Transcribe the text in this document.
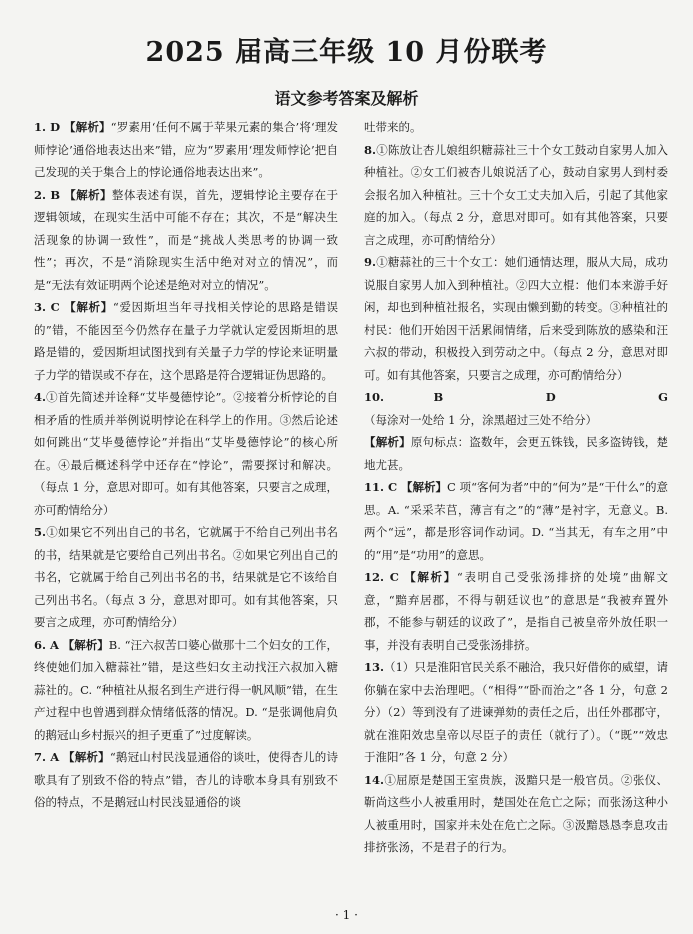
2025 届高三年级 10 月份联考
语文参考答案及解析

1. D 【解析】“罗素用‘任何不属于苹果元素的集合’将‘理发师悖论’通俗地表达出来”错，应为“罗素用‘理发师悖论’把自己发现的关于集合上的悖论通俗地表达出来”。

2. B 【解析】整体表述有误，首先，逻辑悖论主要存在于逻辑领域，在现实生活中可能不存在；其次，不是“解决生活现象的协调一致性”，而是“挑战人类思考的协调一致性”；再次，不是“消除现实生活中绝对对立的情况”，而是“无法有效证明两个论述是绝对对立的情况”。

3. C 【解析】“爱因斯坦当年寻找相关悖论的思路是错误的”错，不能因至今仍然存在量子力学就认定爱因斯坦的思路是错的，爱因斯坦试图找到有关量子力学的悖论来证明量子力学的错误或不存在，这个思路是符合逻辑证伪思路的。

4.①首先简述并诠释“艾毕曼德悖论”。②接着分析悖论的自相矛盾的性质并举例说明悖论在科学上的作用。③然后论述如何跳出“艾毕曼德悖论”并指出“艾毕曼德悖论”的核心所在。④最后概述科学中还存在“悖论”，需要探讨和解决。（每点 1 分，意思对即可。如有其他答案，只要言之成理，亦可酌情给分）

5.①如果它不列出自己的书名，它就属于不给自己列出书名的书，结果就是它要给自己列出书名。②如果它列出自己的书名，它就属于给自己列出书名的书，结果就是它不该给自己列出书名。（每点 3 分，意思对即可。如有其他答案，只要言之成理，亦可酌情给分）

6. A 【解析】B. “汪六叔苦口婆心做那十二个妇女的工作，终使她们加入糖蒜社”错，是这些妇女主动找汪六叔加入糖蒜社的。C. “种植社从报名到生产进行得一帆风顺”错，在生产过程中也曾遇到群众情绪低落的情况。D. “是张调他肩负的鹅冠山乡村振兴的担子更重了”过度解读。

7. A 【解析】“鹅冠山村民浅显通俗的谈吐，使得杏儿的诗歌具有了别致不俗的特点”错，杏儿的诗歌本身具有别致不俗的特点，不是鹅冠山村民浅显通俗的谈

吐带来的。

8.①陈放让杏儿娘组织糖蒜社三十个女工鼓动自家男人加入种植社。②女工们被杏儿娘说活了心，鼓动自家男人到村委会报名加入种植社。三十个女工丈夫加入后，引起了其他家庭的加入。（每点 2 分，意思对即可。如有其他答案，只要言之成理，亦可酌情给分）

9.①糖蒜社的三十个女工：她们通情达理，服从大局，成功说服自家男人加入到种植社。②四大立棍：他们本来游手好闲，却也到种植社报名，实现由懒到勤的转变。③种植社的村民：他们开始因干活累闹情绪，后来受到陈放的感染和汪六叔的带动，积极投入到劳动之中。（每点 2 分，意思对即可。如有其他答案，只要言之成理，亦可酌情给分）

10. B　D　G（每涂对一处给 1 分，涂黑超过三处不给分）

【解析】原句标点：盗数年，会更五铢钱，民多盗铸钱，楚地尤甚。

11. C 【解析】C 项“客何为者”中的“何为”是“干什么”的意思。A. “采采芣苢，薄言有之”的“薄”是衬字，无意义。B. 两个“远”，都是形容词作动词。D. “当其无，有车之用”中的“用”是“功用”的意思。

12. C 【解析】“表明自己受张汤排挤的处境”曲解文意，“黯弃居郡，不得与朝廷议也”的意思是“我被弃置外郡，不能参与朝廷的议政了”，是指自己被皇帝外放任职一事，并没有表明自己受张汤排挤。

13.（1）只是淮阳官民关系不融洽，我只好借你的威望，请你躺在家中去治理吧。（“相得”“卧而治之”各 1 分，句意 2 分）（2）等到没有了进谏弹劾的责任之后，出任外郡郡守，就在淮阳效忠皇帝以尽臣子的责任（就行了）。（“既”“效忠于淮阳”各 1 分，句意 2 分）

14.①屈原是楚国王室贵族，汲黯只是一般官员。②张仪、靳尚这些小人被重用时，楚国处在危亡之际；而张汤这种小人被重用时，国家并未处在危亡之际。③汲黯恳恳李息攻击排挤张汤，不是君子的行为。

· 1 ·
